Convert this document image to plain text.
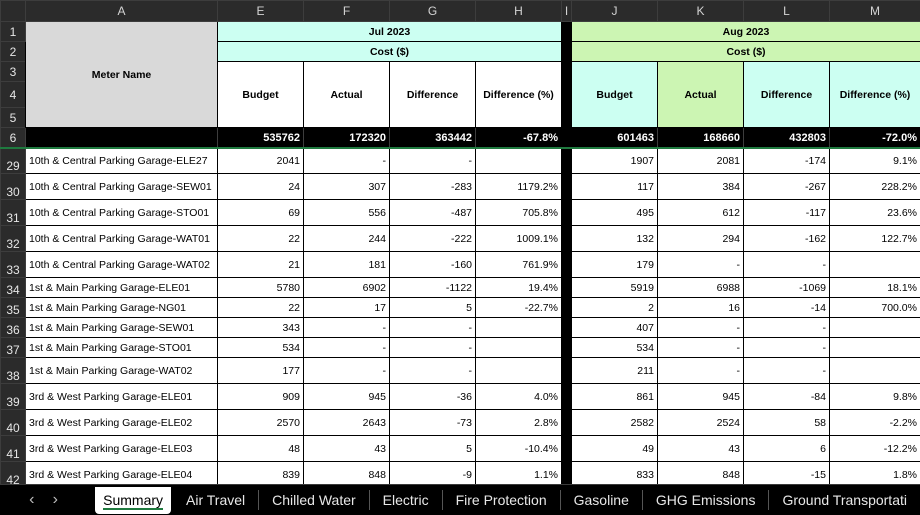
	A	E	F	G	H	I	J	K	L	M
1	Meter Name	Jul 2023					Aug 2023			
2		Cost ($)					Cost ($)			
3		Budget	Actual	Difference	Difference (%)		Budget	Actual	Difference	Difference (%)
4										
5										
6		535762	172320	363442	-67.8%		601463	168660	432803	-72.0%
29	10th & Central Parking Garage-ELE27	2041	-	-			1907	2081	-174	9.1%
30	10th & Central Parking Garage-SEW01	24	307	-283	1179.2%		117	384	-267	228.2%
31	10th & Central Parking Garage-STO01	69	556	-487	705.8%		495	612	-117	23.6%
32	10th & Central Parking Garage-WAT01	22	244	-222	1009.1%		132	294	-162	122.7%
33	10th & Central Parking Garage-WAT02	21	181	-160	761.9%		179	-	-	
34	1st & Main Parking Garage-ELE01	5780	6902	-1122	19.4%		5919	6988	-1069	18.1%
35	1st & Main Parking Garage-NG01	22	17	5	-22.7%		2	16	-14	700.0%
36	1st & Main Parking Garage-SEW01	343	-	-			407	-	-	
37	1st & Main Parking Garage-STO01	534	-	-			534	-	-	
38	1st & Main Parking Garage-WAT02	177	-	-			211	-	-	
39	3rd & West Parking Garage-ELE01	909	945	-36	4.0%		861	945	-84	9.8%
40	3rd & West Parking Garage-ELE02	2570	2643	-73	2.8%		2582	2524	58	-2.2%
41	3rd & West Parking Garage-ELE03	48	43	5	-10.4%		49	43	6	-12.2%
42	3rd & West Parking Garage-ELE04	839	848	-9	1.1%		833	848	-15	1.8%
‹	›	Summary	Air Travel	Chilled Water	Electric	Fire Protection	Gasoline	GHG Emissions	Ground Transportati
